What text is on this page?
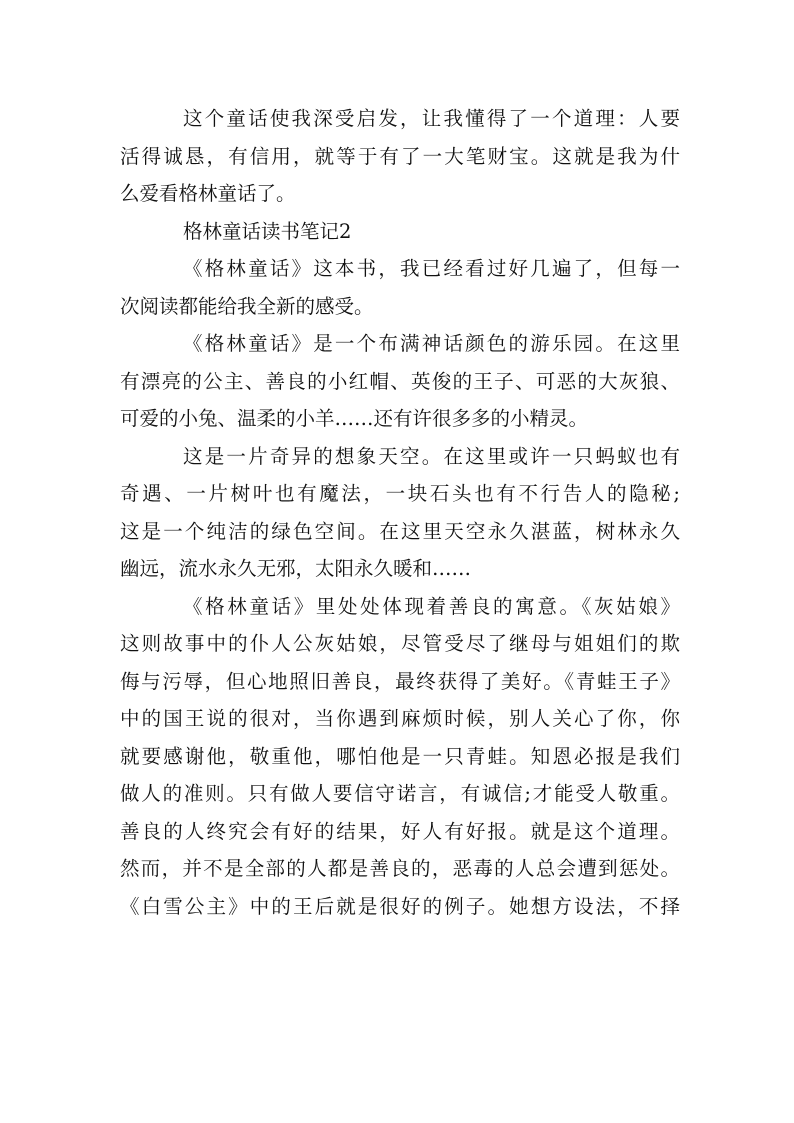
这个童话使我深受启发，让我懂得了一个道理：人要
活得诚恳，有信用，就等于有了一大笔财宝。这就是我为什
么爱看格林童话了。
格林童话读书笔记2
《格林童话》这本书，我已经看过好几遍了，但每一
次阅读都能给我全新的感受。
《格林童话》是一个布满神话颜色的游乐园。在这里
有漂亮的公主、善良的小红帽、英俊的王子、可恶的大灰狼、
可爱的小兔、温柔的小羊……还有许很多多的小精灵。
这是一片奇异的想象天空。在这里或许一只蚂蚁也有
奇遇、一片树叶也有魔法，一块石头也有不行告人的隐秘;
这是一个纯洁的绿色空间。在这里天空永久湛蓝，树林永久
幽远，流水永久无邪，太阳永久暖和……
《格林童话》里处处体现着善良的寓意。《灰姑娘》
这则故事中的仆人公灰姑娘，尽管受尽了继母与姐姐们的欺
侮与污辱，但心地照旧善良，最终获得了美好。《青蛙王子》
中的国王说的很对，当你遇到麻烦时候，别人关心了你，你
就要感谢他，敬重他，哪怕他是一只青蛙。知恩必报是我们
做人的准则。只有做人要信守诺言，有诚信;才能受人敬重。
善良的人终究会有好的结果，好人有好报。就是这个道理。
然而，并不是全部的人都是善良的，恶毒的人总会遭到惩处。
《白雪公主》中的王后就是很好的例子。她想方设法，不择
